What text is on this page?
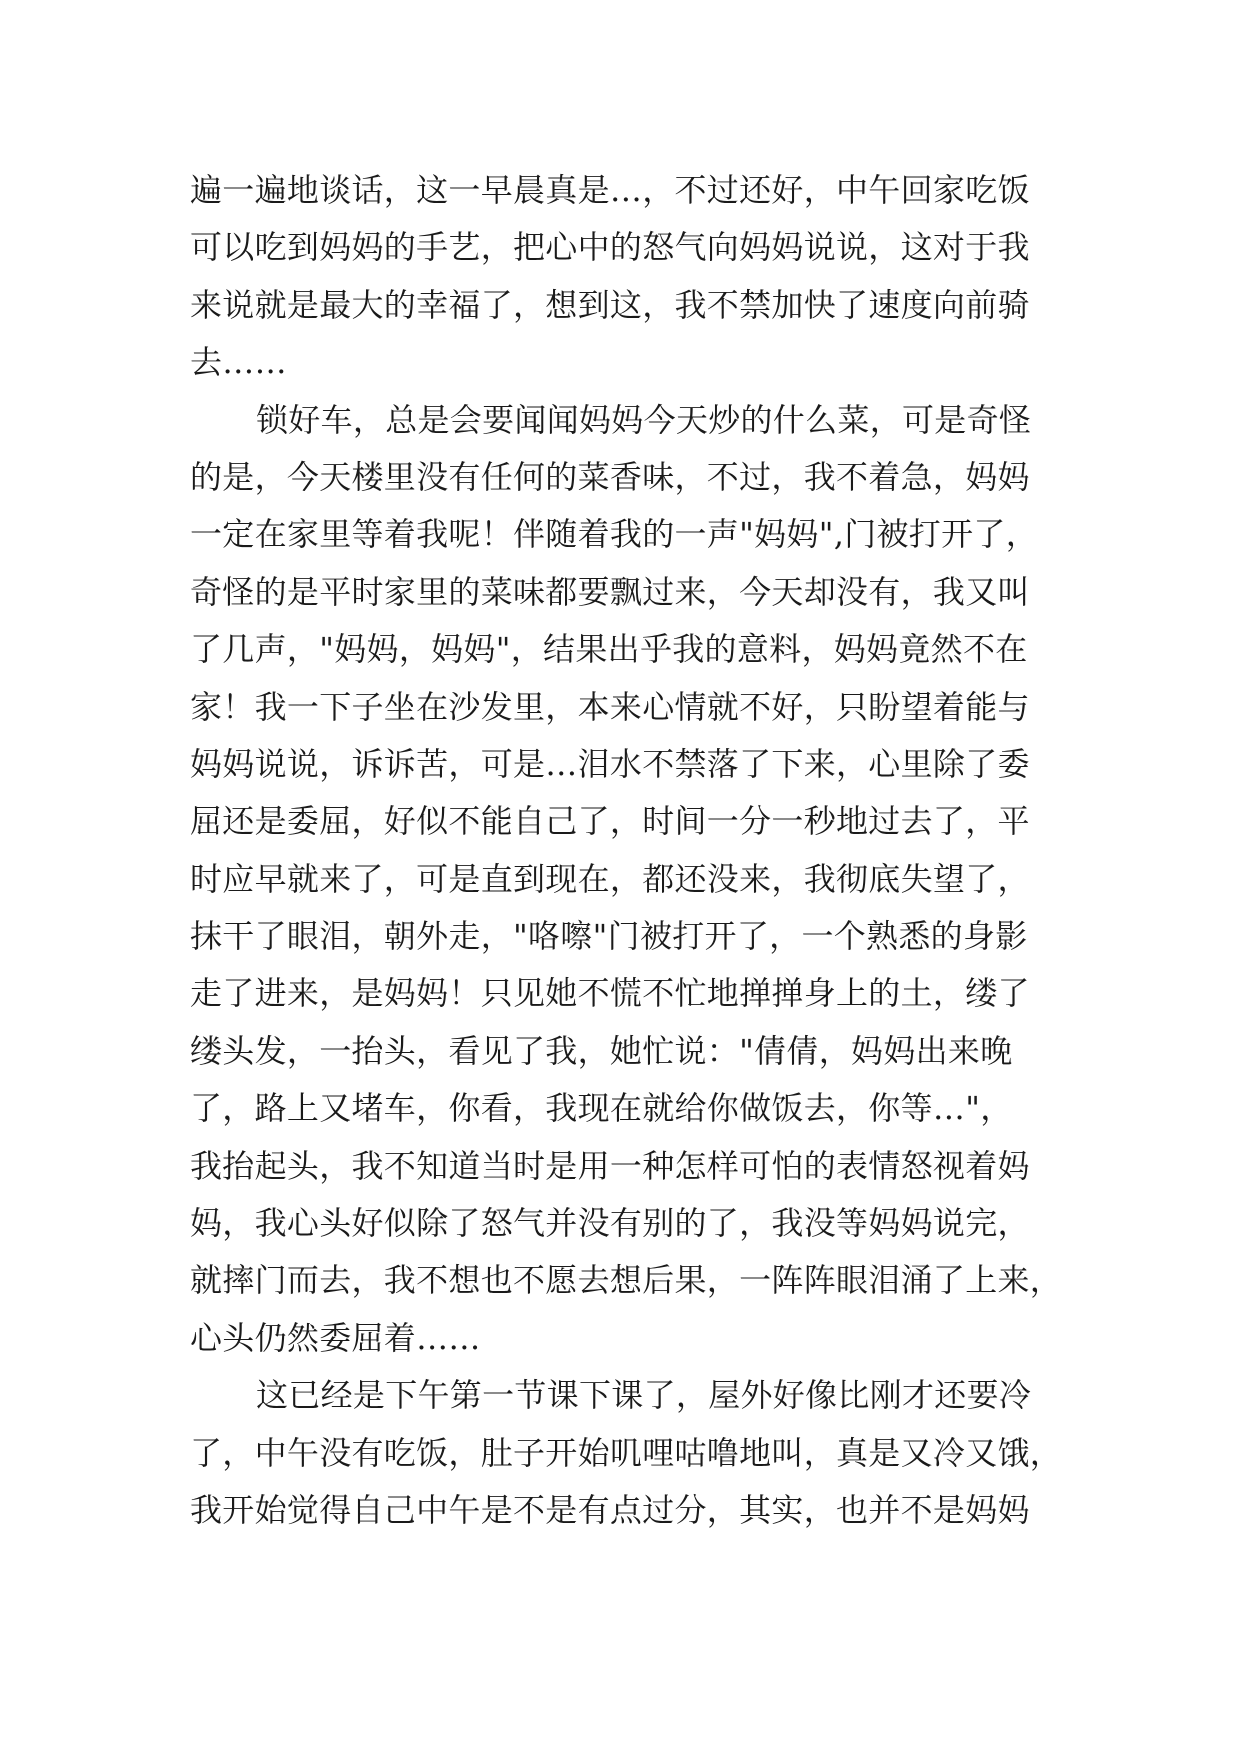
遍一遍地谈话，这一早晨真是…，不过还好，中午回家吃饭
可以吃到妈妈的手艺，把心中的怒气向妈妈说说，这对于我
来说就是最大的幸福了，想到这，我不禁加快了速度向前骑
去……
锁好车，总是会要闻闻妈妈今天炒的什么菜，可是奇怪
的是，今天楼里没有任何的菜香味，不过，我不着急，妈妈
一定在家里等着我呢！伴随着我的一声"妈妈",门被打开了，
奇怪的是平时家里的菜味都要飘过来，今天却没有，我又叫
了几声，"妈妈，妈妈"，结果出乎我的意料，妈妈竟然不在
家！我一下子坐在沙发里，本来心情就不好，只盼望着能与
妈妈说说，诉诉苦，可是…泪水不禁落了下来，心里除了委
屈还是委屈，好似不能自己了，时间一分一秒地过去了，平
时应早就来了，可是直到现在，都还没来，我彻底失望了，
抹干了眼泪，朝外走，"咯嚓"门被打开了，一个熟悉的身影
走了进来，是妈妈！只见她不慌不忙地掸掸身上的土，缕了
缕头发，一抬头，看见了我，她忙说："倩倩，妈妈出来晚
了，路上又堵车，你看，我现在就给你做饭去，你等…"，
我抬起头，我不知道当时是用一种怎样可怕的表情怒视着妈
妈，我心头好似除了怒气并没有别的了，我没等妈妈说完，
就摔门而去，我不想也不愿去想后果，一阵阵眼泪涌了上来，
心头仍然委屈着……
这已经是下午第一节课下课了，屋外好像比刚才还要冷
了，中午没有吃饭，肚子开始叽哩咕噜地叫，真是又冷又饿，
我开始觉得自己中午是不是有点过分，其实，也并不是妈妈
